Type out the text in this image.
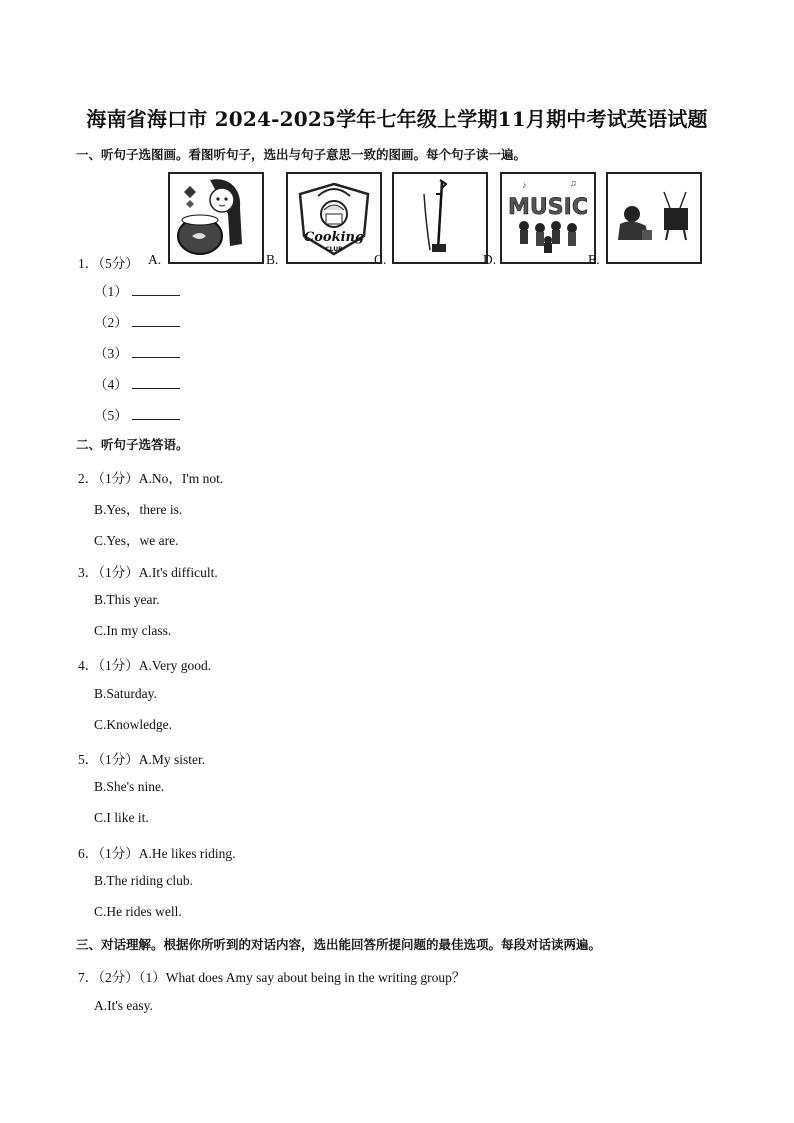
海南省海口市 2024-2025学年七年级上学期11月期中考试英语试题
一、听句子选图画。看图听句子，选出与句子意思一致的图画。每个句子读一遍。
Cooking
CLUB
MUSIC
♪	♫
1．（5分） A.	B.	C.	D.	E.
（1）
（2）
（3）
（4）
（5）
二、听句子选答语。
2．（1分）A.No，I'm not.
B.Yes，there is.
C.Yes，we are.
3．（1分）A.It's difficult.
B.This year.
C.In my class.
4．（1分）A.Very good.
B.Saturday.
C.Knowledge.
5．（1分）A.My sister.
B.She's nine.
C.I like it.
6．（1分）A.He likes riding.
B.The riding club.
C.He rides well.
三、对话理解。根据你所听到的对话内容，选出能回答所提问题的最佳选项。每段对话读两遍。
7．（2分）（1）What does Amy say about being in the writing group？
A.It's easy.
